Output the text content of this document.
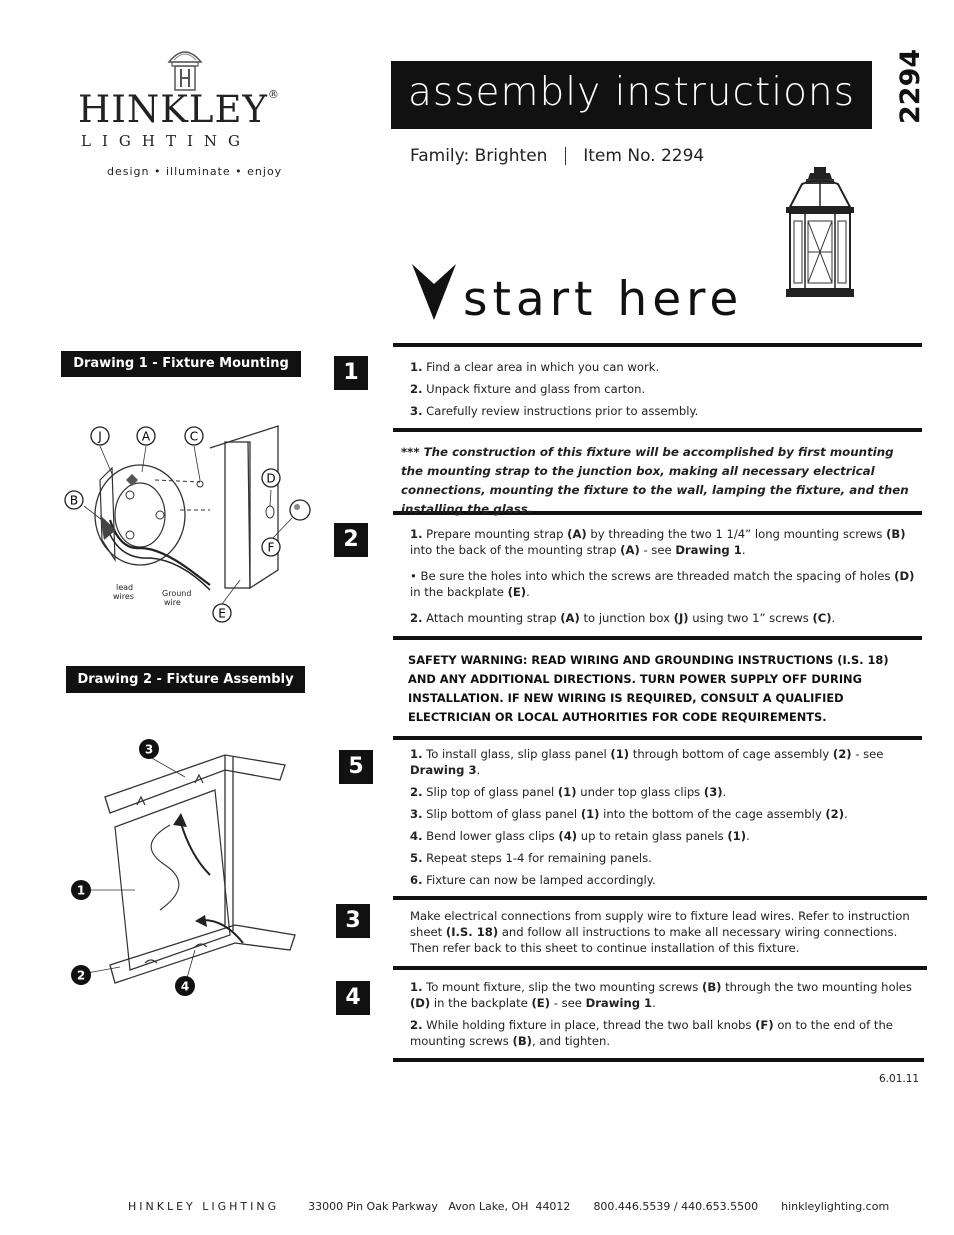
HINKLEY®
LIGHTING
design • illuminate • enjoy
assembly instructions 2294
Family: Brighten Item No. 2294
start here
Drawing 1 - Fixture Mounting
J	A	C
D
B
F
E
lead
wires	Ground
wire
Drawing 2 - Fixture Assembly
3
1
2
4
1	1. Find a clear area in which you can work.

2. Unpack fixture and glass from carton.

3. Carefully review instructions prior to assembly.

*** The construction of this fixture will be accomplished by first mounting the mounting strap to the junction box, making all necessary electrical connections, mounting the fixture to the wall, lamping the fixture, and then installing the glass.
2	1. Prepare mounting strap (A) by threading the two 1 1/4” long mounting screws (B) into the back of the mounting strap (A) - see Drawing 1.

• Be sure the holes into which the screws are threaded match the spacing of holes (D) in the backplate (E).

2. Attach mounting strap (A) to junction box (J) using two 1” screws (C).

SAFETY WARNING: READ WIRING AND GROUNDING INSTRUCTIONS (I.S. 18) AND ANY ADDITIONAL DIRECTIONS. TURN POWER SUPPLY OFF DURING INSTALLATION. IF NEW WIRING IS REQUIRED, CONSULT A QUALIFIED ELECTRICIAN OR LOCAL AUTHORITIES FOR CODE REQUIREMENTS.
5	1. To install glass, slip glass panel (1) through bottom of cage assembly (2) - see Drawing 3.

2. Slip top of glass panel (1) under top glass clips (3).

3. Slip bottom of glass panel (1) into the bottom of the cage assembly (2).

4. Bend lower glass clips (4) up to retain glass panels (1).

5. Repeat steps 1-4 for remaining panels.

6. Fixture can now be lamped accordingly.

3	Make electrical connections from supply wire to fixture lead wires. Refer to instruction sheet (I.S. 18) and follow all instructions to make all necessary wiring connections. Then refer back to this sheet to continue installation of this fixture.

4	1. To mount fixture, slip the two mounting screws (B) through the two mounting holes (D) in the backplate (E) - see Drawing 1.

2. While holding fixture in place, thread the two ball knobs (F) on to the end of the mounting screws (B), and tighten.

6.01.11
HINKLEY LIGHTING	33000 Pin Oak Parkway   Avon Lake, OH  44012 800.446.5539 / 440.653.5500 hinkleylighting.com
